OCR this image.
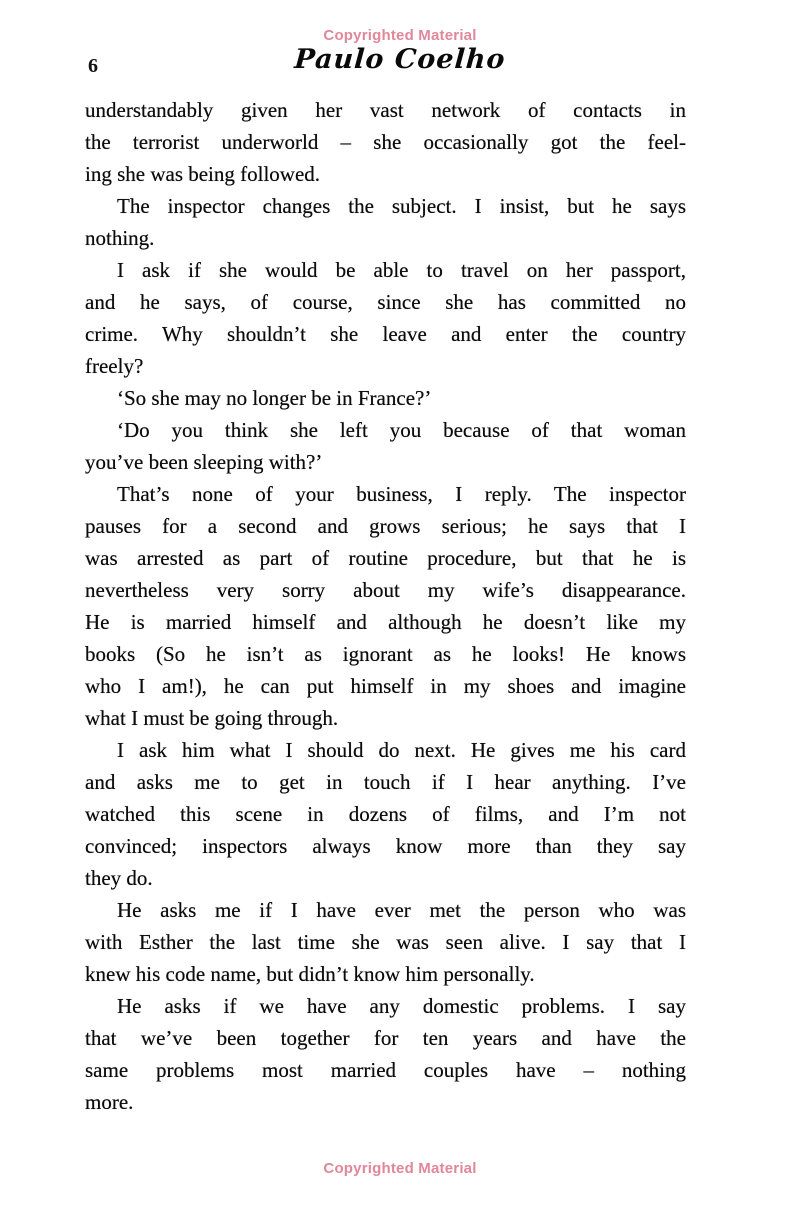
Copyrighted Material
6	Paulo Coelho
understandably given her vast network of contacts in
the terrorist underworld – she occasionally got the feel-
ing she was being followed.
The inspector changes the subject. I insist, but he says
nothing.
I ask if she would be able to travel on her passport,
and he says, of course, since she has committed no
crime. Why shouldn’t she leave and enter the country
freely?
‘So she may no longer be in France?’
‘Do you think she left you because of that woman
you’ve been sleeping with?’
That’s none of your business, I reply. The inspector
pauses for a second and grows serious; he says that I
was arrested as part of routine procedure, but that he is
nevertheless very sorry about my wife’s disappearance.
He is married himself and although he doesn’t like my
books (So he isn’t as ignorant as he looks! He knows
who I am!), he can put himself in my shoes and imagine
what I must be going through.
I ask him what I should do next. He gives me his card
and asks me to get in touch if I hear anything. I’ve
watched this scene in dozens of films, and I’m not
convinced; inspectors always know more than they say
they do.
He asks me if I have ever met the person who was
with Esther the last time she was seen alive. I say that I
knew his code name, but didn’t know him personally.
He asks if we have any domestic problems. I say
that we’ve been together for ten years and have the
same problems most married couples have – nothing
more.
Copyrighted Material
